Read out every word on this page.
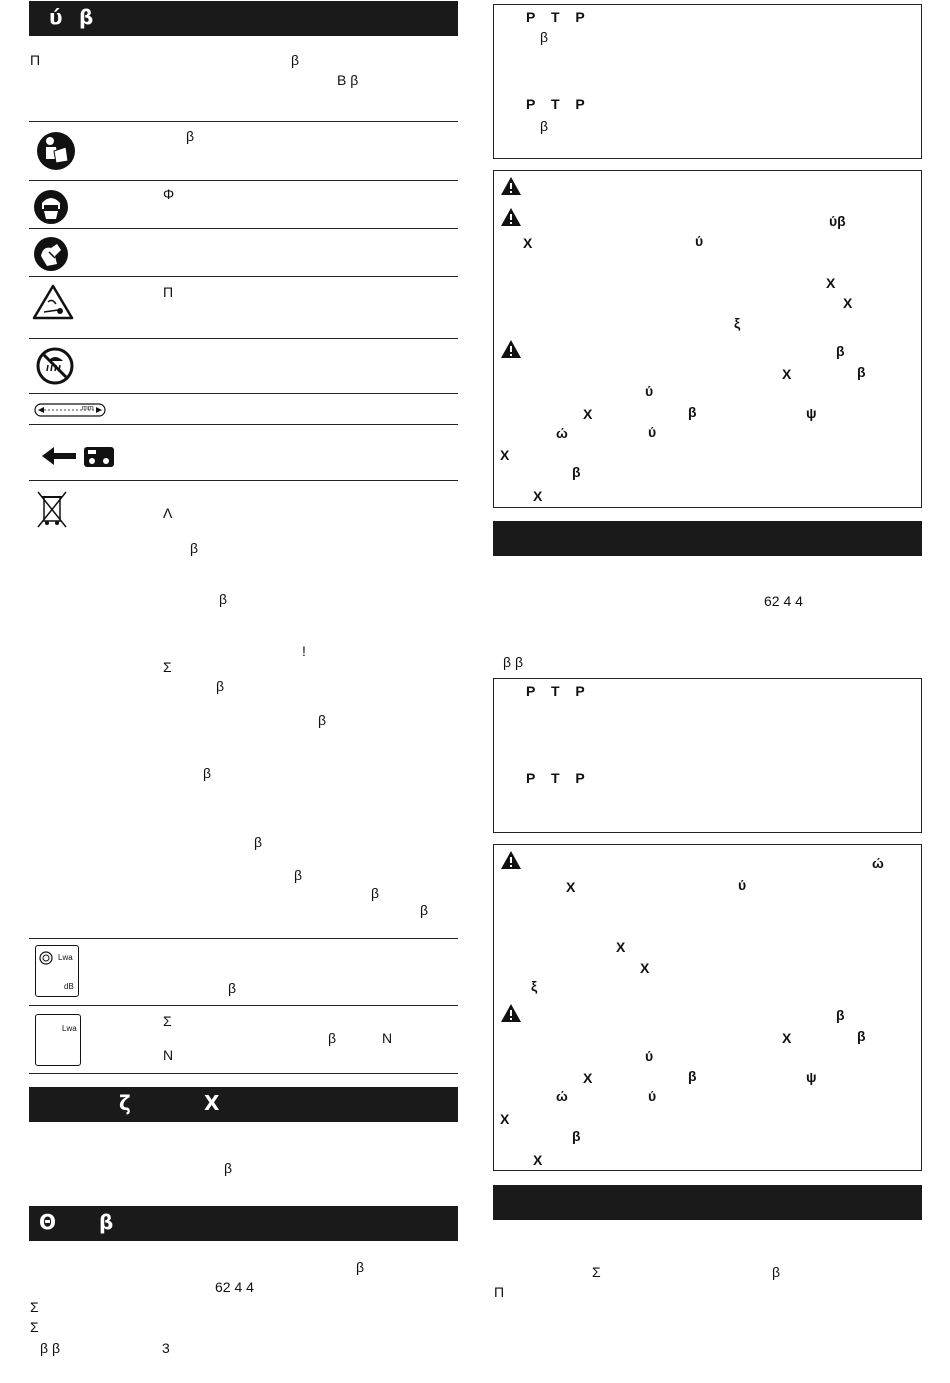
ύ β
Π	β
Β β
β
Φ
Π
mm
Λ
β
β
!
Σ
β
β
β
β
β
β
β
Lwa
dB	β
Lwa	Σ
β	N
N
ζ	Χ
β
Θ β
β
62 4 4
Σ
Σ
β β	3
P T P
β
P T P
β
ύβ
Χ	ύ
Χ
Χ
ξ
β
Χ	β
ύ
Χ	β	ψ
ώ	ύ
Χ
β
Χ
62 4 4
β β
P T P
P T P
ώ
Χ	ύ
Χ
Χ
ξ
β
Χ	β
ύ
Χ	β	ψ
ώ	ύ
Χ
β
Χ
Σ	β
Π
